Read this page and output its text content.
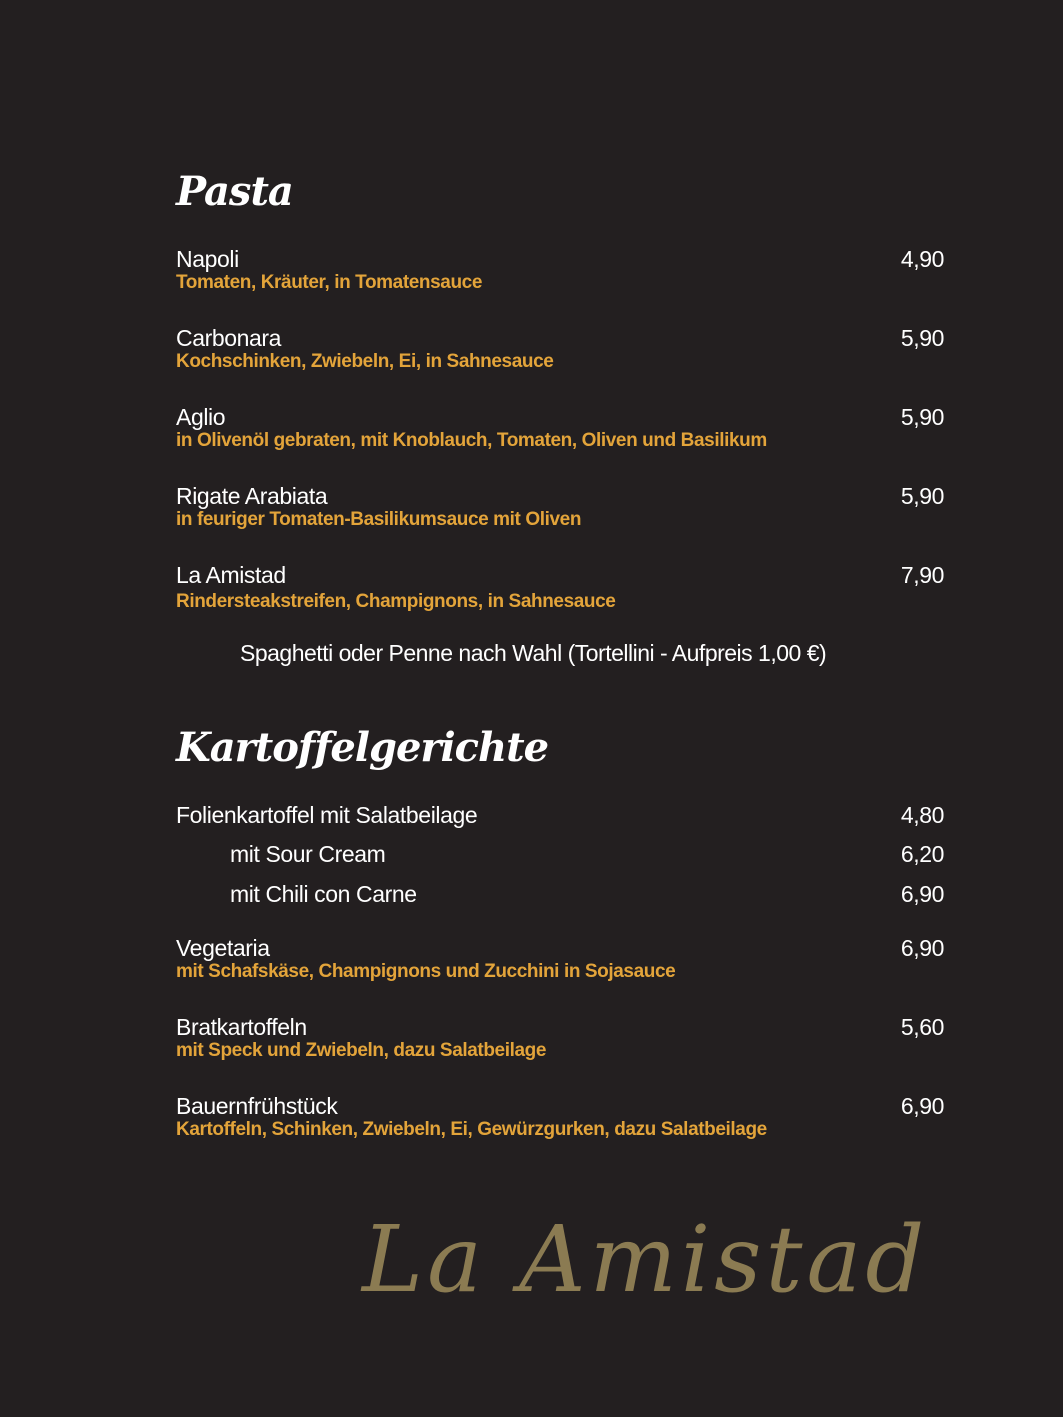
Pasta
Napoli	4,90
Tomaten, Kräuter, in Tomatensauce
Carbonara	5,90
Kochschinken, Zwiebeln, Ei, in Sahnesauce
Aglio	5,90
in Olivenöl gebraten, mit Knoblauch, Tomaten, Oliven und Basilikum
Rigate Arabiata	5,90
in feuriger Tomaten-Basilikumsauce mit Oliven
La Amistad	7,90
Rindersteakstreifen, Champignons, in Sahnesauce
Spaghetti oder Penne nach Wahl (Tortellini - Aufpreis 1,00 €)
Kartoffelgerichte
Folienkartoffel mit Salatbeilage	4,80
mit Sour Cream	6,20
mit Chili con Carne	6,90
Vegetaria	6,90
mit Schafskäse, Champignons und Zucchini in Sojasauce
Bratkartoffeln	5,60
mit Speck und Zwiebeln, dazu Salatbeilage
Bauernfrühstück	6,90
Kartoffeln, Schinken, Zwiebeln, Ei, Gewürzgurken, dazu Salatbeilage
La Amistad
